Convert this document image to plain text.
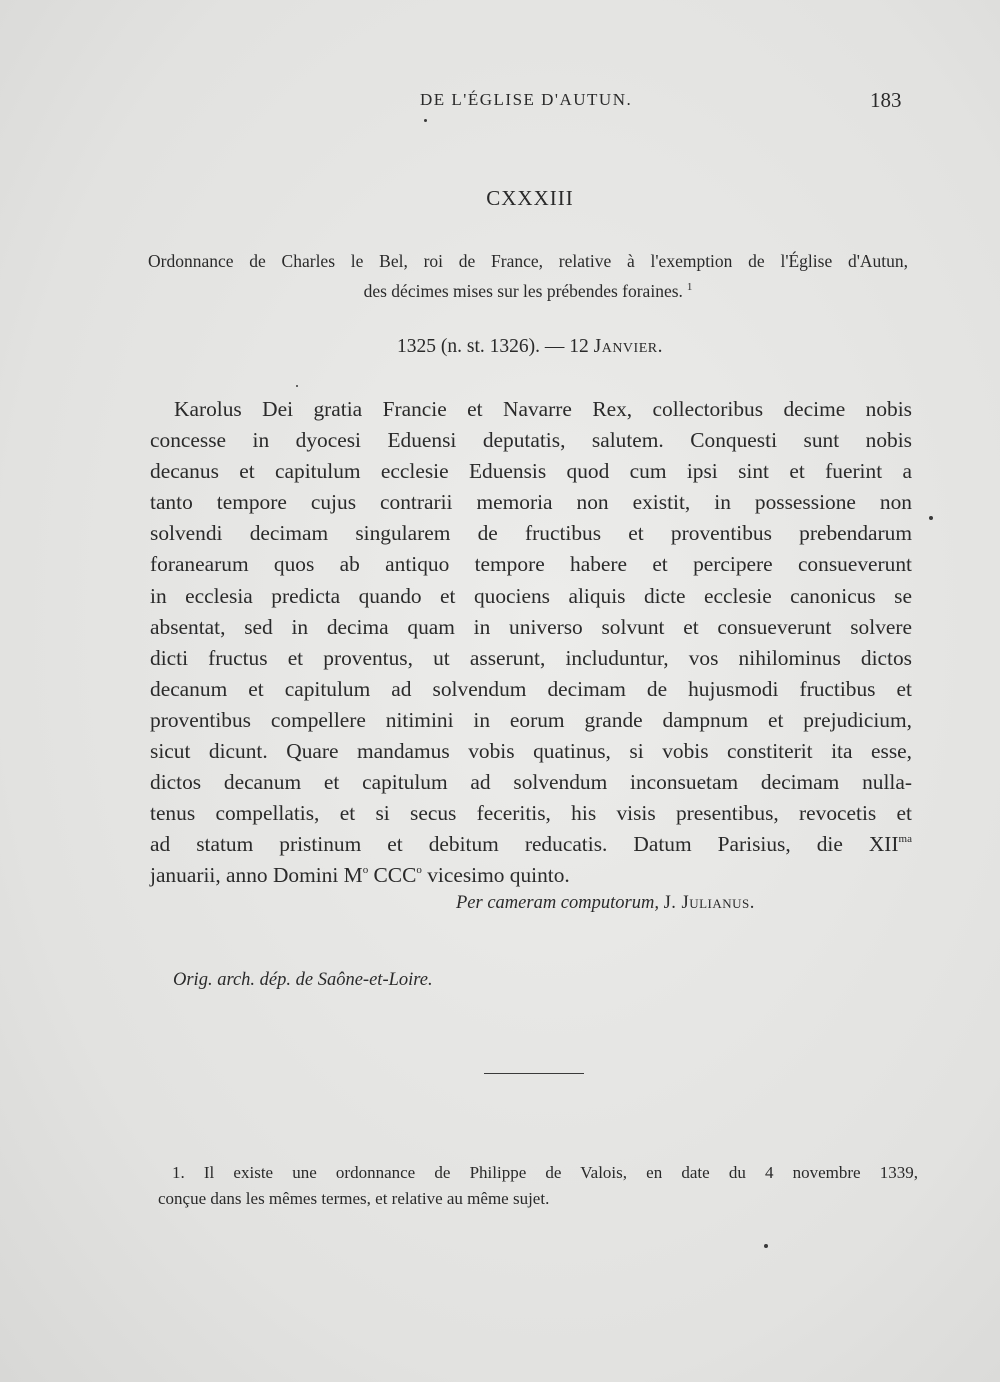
DE L'ÉGLISE D'AUTUN.	183
CXXXIII
Ordonnance de Charles le Bel, roi de France, relative à l'exemption de l'Église d'Autun,
des décimes mises sur les prébendes foraines. $^1$
1325 (n. st. 1326). — 12 Janvier.
Karolus Dei gratia Francie et Navarre Rex, collectoribus decime nobis
concesse in dyocesi Eduensi deputatis, salutem. Conquesti sunt nobis
decanus et capitulum ecclesie Eduensis quod cum ipsi sint et fuerint a
tanto tempore cujus contrarii memoria non existit, in possessione non
solvendi decimam singularem de fructibus et proventibus prebendarum
foranearum quos ab antiquo tempore habere et percipere consueverunt
in ecclesia predicta quando et quociens aliquis dicte ecclesie canonicus se
absentat, sed in decima quam in universo solvunt et consueverunt solvere
dicti fructus et proventus, ut asserunt, includuntur, vos nihilominus dictos
decanum et capitulum ad solvendum decimam de hujusmodi fructibus et
proventibus compellere nitimini in eorum grande dampnum et prejudicium,
sicut dicunt. Quare mandamus vobis quatinus, si vobis constiterit ita esse,
dictos decanum et capitulum ad solvendum inconsuetam decimam nulla-
tenus compellatis, et si secus feceritis, his visis presentibus, revocetis et
ad statum pristinum et debitum reducatis. Datum Parisius, die $XII^{ma}$
januarii, anno Domini $M^o$ CCC$^o$ vicesimo quinto.
Per cameram computorum, J. Julianus.
Orig. arch. dép. de Saône-et-Loire.
1. Il existe une ordonnance de Philippe de Valois, en date du 4 novembre 1339,
conçue dans les mêmes termes, et relative au même sujet.
